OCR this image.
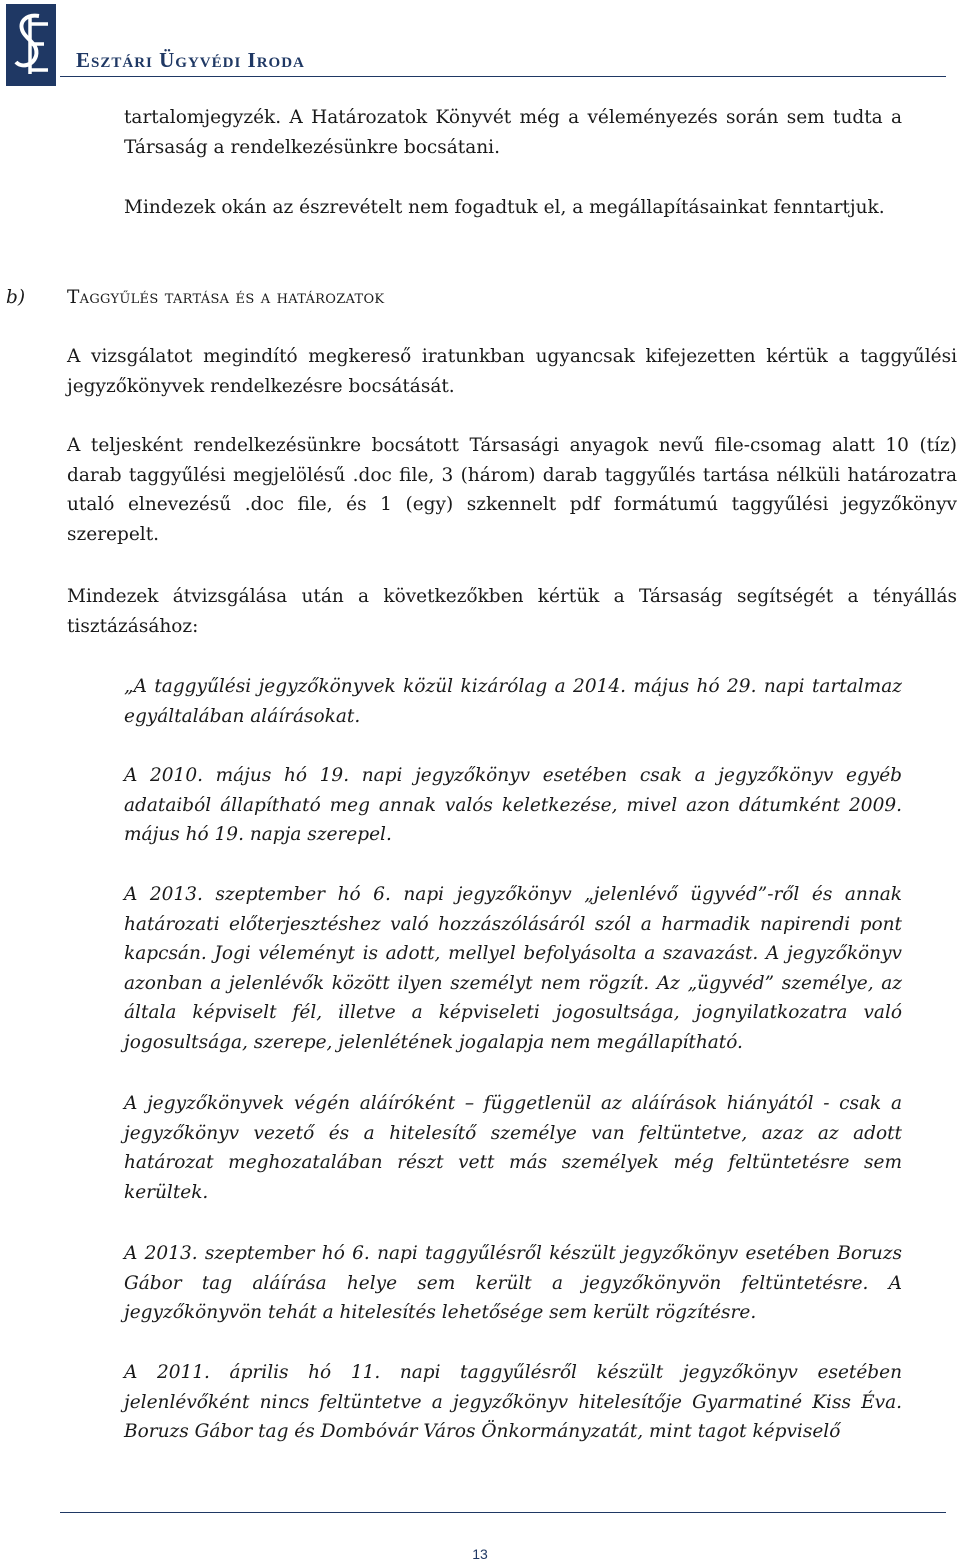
Esztári Ügyvédi Iroda

tartalomjegyzék. A Határozatok Könyvét még a véleményezés során sem tudta a Társaság a rendelkezésünkre bocsátani.

Mindezek okán az észrevételt nem fogadtuk el, a megállapításainkat fenntartjuk.

b) Taggyűlés tartása és a határozatok

A vizsgálatot megindító megkereső iratunkban ugyancsak kifejezetten kértük a taggyűlési jegyzőkönyvek rendelkezésre bocsátását.

A teljesként rendelkezésünkre bocsátott Társasági anyagok nevű file-csomag alatt 10 (tíz) darab taggyűlési megjelölésű .doc file, 3 (három) darab taggyűlés tartása nélküli határozatra utaló elnevezésű .doc file, és 1 (egy) szkennelt pdf formátumú taggyűlési jegyzőkönyv szerepelt.

Mindezek átvizsgálása után a következőkben kértük a Társaság segítségét a tényállás tisztázásához:

„A taggyűlési jegyzőkönyvek közül kizárólag a 2014. május hó 29. napi tartalmaz egyáltalában aláírásokat.

A 2010. május hó 19. napi jegyzőkönyv esetében csak a jegyzőkönyv egyéb adataiból állapítható meg annak valós keletkezése, mivel azon dátumként 2009. május hó 19. napja szerepel.

A 2013. szeptember hó 6. napi jegyzőkönyv „jelenlévő ügyvéd”-ről és annak határozati előterjesztéshez való hozzászólásáról szól a harmadik napirendi pont kapcsán. Jogi véleményt is adott, mellyel befolyásolta a szavazást. A jegyzőkönyv azonban a jelenlévők között ilyen személyt nem rögzít. Az „ügyvéd” személye, az általa képviselt fél, illetve a képviseleti jogosultsága, jognyilatkozatra való jogosultsága, szerepe, jelenlétének jogalapja nem megállapítható.

A jegyzőkönyvek végén aláíróként – függetlenül az aláírások hiányától - csak a jegyzőkönyv vezető és a hitelesítő személye van feltüntetve, azaz az adott határozat meghozatalában részt vett más személyek még feltüntetésre sem kerültek.

A 2013. szeptember hó 6. napi taggyűlésről készült jegyzőkönyv esetében Boruzs Gábor tag aláírása helye sem került a jegyzőkönyvön feltüntetésre. A jegyzőkönyvön tehát a hitelesítés lehetősége sem került rögzítésre.

A 2011. április hó 11. napi taggyűlésről készült jegyzőkönyv esetében jelenlévőként nincs feltüntetve a jegyzőkönyv hitelesítője Gyarmatiné Kiss Éva. Boruzs Gábor tag és Dombóvár Város Önkormányzatát, mint tagot képviselő

13
